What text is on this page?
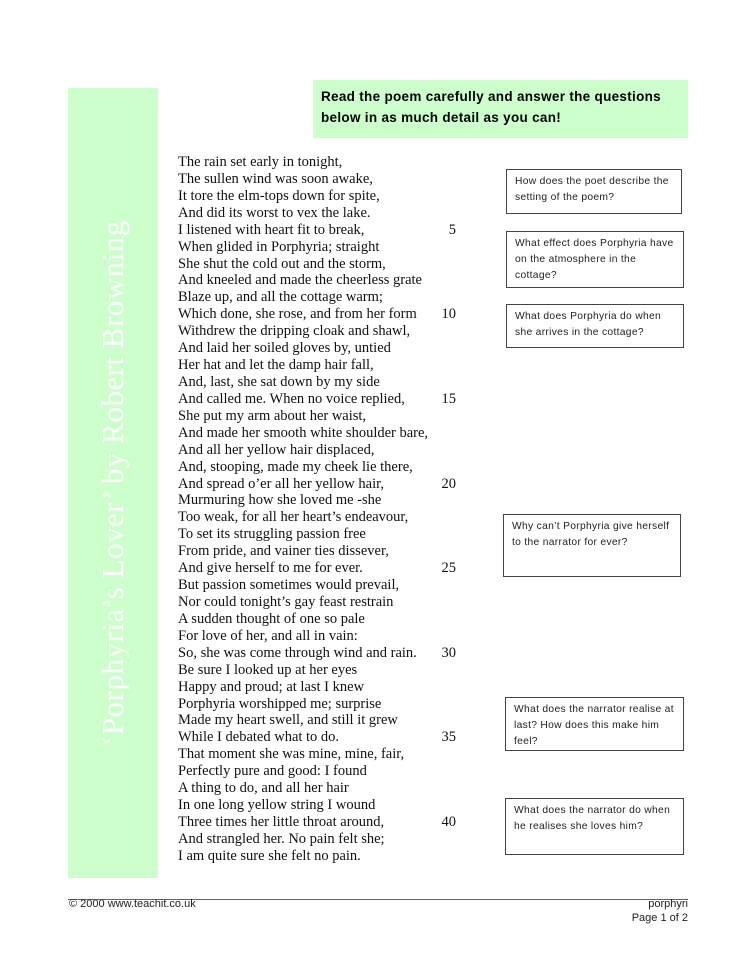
‘Porphyria’s Lover’ by Robert Browning
Read the poem carefully and answer the questions below in as much detail as you can!
The rain set early in tonight,
The sullen wind was soon awake,
It tore the elm-tops down for spite,
And did its worst to vex the lake.
I listened with heart fit to break,	5
When glided in Porphyria; straight
She shut the cold out and the storm,
And kneeled and made the cheerless grate
Blaze up, and all the cottage warm;
Which done, she rose, and from her form 10
Withdrew the dripping cloak and shawl,
And laid her soiled gloves by, untied
Her hat and let the damp hair fall,
And, last, she sat down by my side
And called me. When no voice replied,	15
She put my arm about her waist,
And made her smooth white shoulder bare,
And all her yellow hair displaced,
And, stooping, made my cheek lie there,
And spread o’er all her yellow hair,	20
Murmuring how she loved me -she
Too weak, for all her heart’s endeavour,
To set its struggling passion free
From pride, and vainer ties dissever,
And give herself to me for ever.	25
But passion sometimes would prevail,
Nor could tonight’s gay feast restrain
A sudden thought of one so pale
For love of her, and all in vain:
So, she was come through wind and rain. 30
Be sure I looked up at her eyes
Happy and proud; at last I knew
Porphyria worshipped me; surprise
Made my heart swell, and still it grew
While I debated what to do.	35
That moment she was mine, mine, fair,
Perfectly pure and good: I found
A thing to do, and all her hair
In one long yellow string I wound
Three times her little throat around,	40
And strangled her. No pain felt she;
I am quite sure she felt no pain.
How does the poet describe the setting of the poem?
What effect does Porphyria have on the atmosphere in the cottage?
What does Porphyria do when she arrives in the cottage?
Why can’t Porphyria give herself to the narrator for ever?
What does the narrator realise at last? How does this make him feel?
What does the narrator do when he realises she loves him?
© 2000 www.teachit.co.uk	porphyri
Page 1 of 2
